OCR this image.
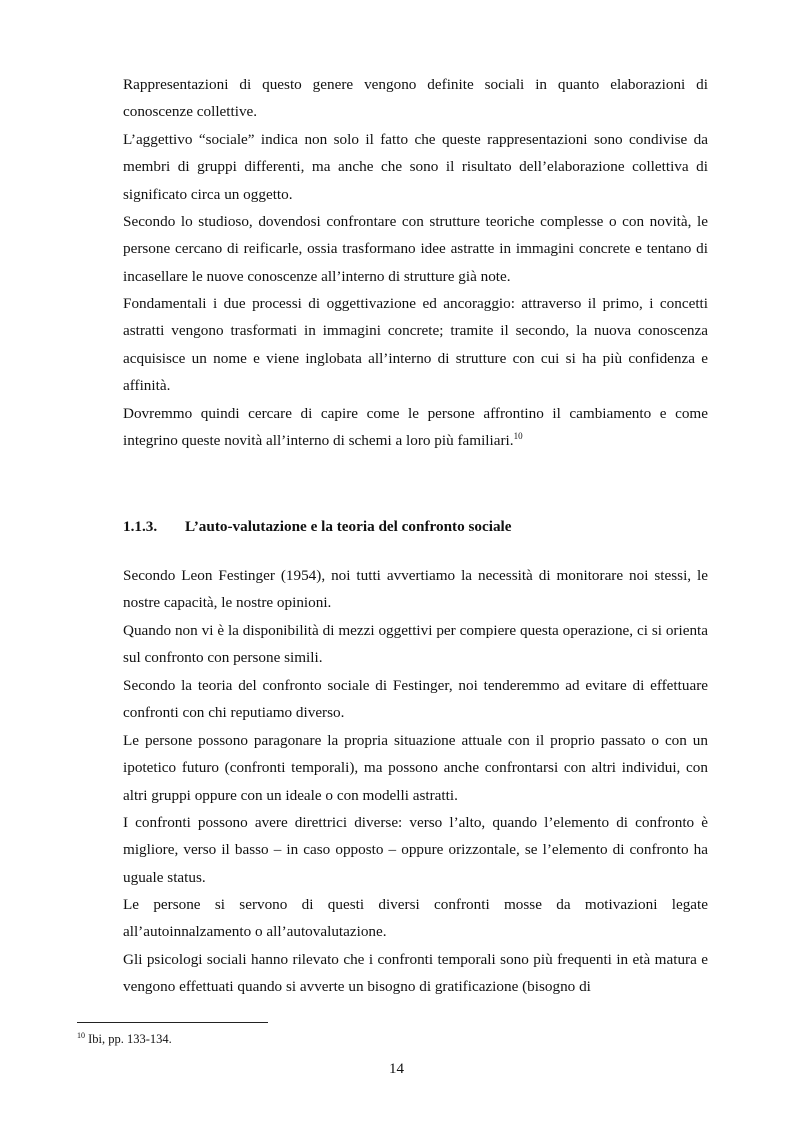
Rappresentazioni di questo genere vengono definite sociali in quanto elaborazioni di conoscenze collettive.

L’aggettivo “sociale” indica non solo il fatto che queste rappresentazioni sono condivise da membri di gruppi differenti, ma anche che sono il risultato dell’elaborazione collettiva di significato circa un oggetto.

Secondo lo studioso, dovendosi confrontare con strutture teoriche complesse o con novità, le persone cercano di reificarle, ossia trasformano idee astratte in immagini concrete e tentano di incasellare le nuove conoscenze all’interno di strutture già note.

Fondamentali i due processi di oggettivazione ed ancoraggio: attraverso il primo, i concetti astratti vengono trasformati in immagini concrete; tramite il secondo, la nuova conoscenza acquisisce un nome e viene inglobata all’interno di strutture con cui si ha più confidenza e affinità.

Dovremmo quindi cercare di capire come le persone affrontino il cambiamento e come integrino queste novità all’interno di schemi a loro più familiari.$^{10}$

1.1.3. L’auto-valutazione e la teoria del confronto sociale

Secondo Leon Festinger (1954), noi tutti avvertiamo la necessità di monitorare noi stessi, le nostre capacità, le nostre opinioni.

Quando non vi è la disponibilità di mezzi oggettivi per compiere questa operazione, ci si orienta sul confronto con persone simili.

Secondo la teoria del confronto sociale di Festinger, noi tenderemmo ad evitare di effettuare confronti con chi reputiamo diverso.

Le persone possono paragonare la propria situazione attuale con il proprio passato o con un ipotetico futuro (confronti temporali), ma possono anche confrontarsi con altri individui, con altri gruppi oppure con un ideale o con modelli astratti.

I confronti possono avere direttrici diverse: verso l’alto, quando l’elemento di confronto è migliore, verso il basso – in caso opposto – oppure orizzontale, se l’elemento di confronto ha uguale status.

Le persone si servono di questi diversi confronti mosse da motivazioni legate all’autoinnalzamento o all’autovalutazione.

Gli psicologi sociali hanno rilevato che i confronti temporali sono più frequenti in età matura e vengono effettuati quando si avverte un bisogno di gratificazione (bisogno di

$^{10}$ Ibi, pp. 133-134.
14
